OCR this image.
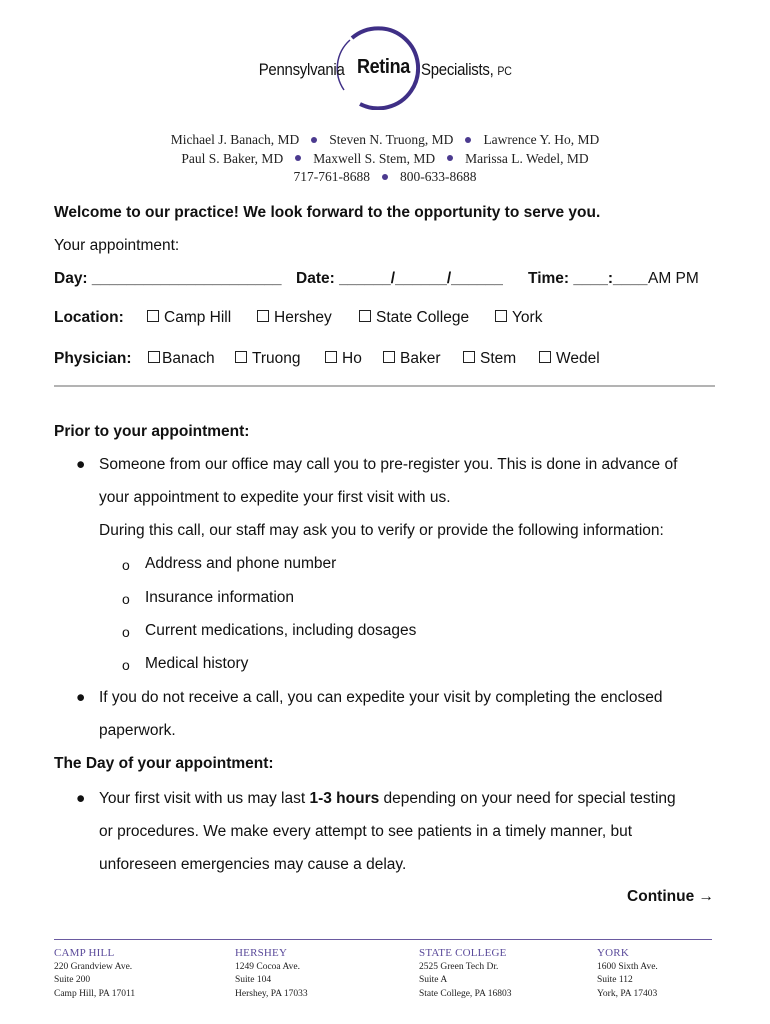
Pennsylvania Retina Specialists, PC
Michael J. Banach, MD Steven N. Truong, MD Lawrence Y. Ho, MD
Paul S. Baker, MD Maxwell S. Stem, MD Marissa L. Wedel, MD
717-761-8688 800-633-8688
Welcome to our practice! We look forward to the opportunity to serve you.
Your appointment:
Day: ______________________ Date: ______/______/______ Time: ____:____ AM PM
Location:	Camp Hill	Hershey	State College	York
Physician:	Banach	Truong	Ho	Baker	Stem	Wedel
Prior to your appointment:
● Someone from our office may call you to pre-register you. This is done in advance of
your appointment to expedite your first visit with us.
During this call, our staff may ask you to verify or provide the following information:
o Address and phone number
o Insurance information
o Current medications, including dosages
o Medical history
● If you do not receive a call, you can expedite your visit by completing the enclosed
paperwork.
The Day of your appointment:
● Your first visit with us may last 1-3 hours depending on your need for special testing
or procedures. We make every attempt to see patients in a timely manner, but
unforeseen emergencies may cause a delay.
Continue →
CAMP HILL
220 Grandview Ave.
Suite 200
Camp Hill, PA 17011
HERSHEY
1249 Cocoa Ave.
Suite 104
Hershey, PA 17033
STATE COLLEGE
2525 Green Tech Dr.
Suite A
State College, PA 16803
YORK
1600 Sixth Ave.
Suite 112
York, PA 17403
